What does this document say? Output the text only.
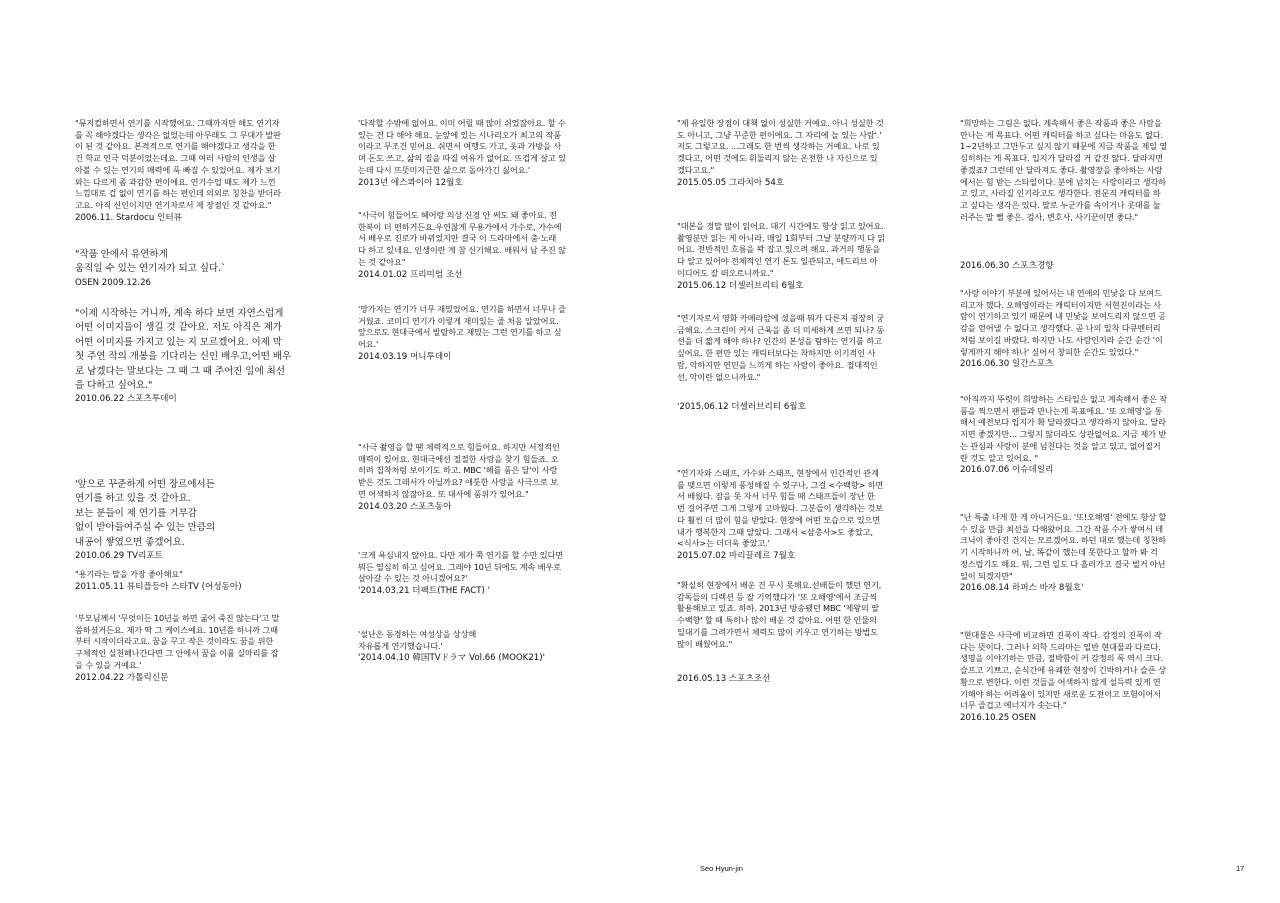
"뮤지컬하면서 연기를 시작했어요. 그때까지만 해도 연기자
를 꼭 해야겠다는 생각은 없었는데 아무래도 그 무대가 발판
이 된 것 같아요. 본격적으로 연기를 해야겠다고 생각을 한
건 학교 연극 덕분이었는데요. 그때 여러 사람의 인생을 살
아볼 수 있는 연기의 매력에 푹 빠질 수 있었어요. 제가 보기
와는 다르게 좀 과감한 편이에요. 연기수업 때도 제가 느낀
느낌대로 겁 없이 연기를 하는 편인데 의외로 칭찬을 받더라
고요. 아직 신인이지만 연기자로서 제 장점인 것 같아요."

2006.11. Stardocu 인터뷰

"작품 안에서 유연하게
움직일 수 있는 연기자가 되고 싶다.`

OSEN 2009.12.26

"이제 시작하는 거니까, 계속 하다 보면 자연스럽게
어떤 이미지들이 생길 것 같아요. 저도 아직은 제가
어떤 이미지를 가지고 있는 지 모르겠어요. 이제 막
첫 주연 작의 개봉을 기다리는 신인 배우고,어떤 배우
로 남겠다는 말보다는 그 때 그 때 주어진 일에 최선
을 다하고 싶어요."

2010.06.22 스포츠투데이

'앞으로 꾸준하게 어떤 장르에서든
연기를 하고 있을 것 같아요.
보는 분들이 제 연기를 거부감
없이 받아들여주실 수 있는 만큼의
내공이 쌓였으면 좋겠어요.

2010.06.29 TV리포트

"용기라는 말을 가장 좋아해요"

2011.05.11 뷰티플등아 스타TV (어성동아)

'부모님께서 '무엇이든 10년을 하면 굶어 죽진 않는다'고 말
씀하셨거든요. 제가 딱 그 케이스예요. 10년쯤 하니까 그때
부터 시작이더라고요. 꿈을 꾸고 작은 것이라도 꿈을 위한
구체적인 실천해나간다면 그 안에서 꿈을 이룰 실마리를 잡
을 수 있을 거예요.'

2012.04.22 가톨릭신문

'다작할 수밖에 없어요. 이미 어릴 때 많이 쉬었잖아요. 할 수
있는 건 다 해야 해요. 눈앞에 있는 시나리오가 최고의 작품
이라고 무조건 믿어요. 쉬면서 여행도 가고, 옷과 가방을 사
며 돈도 쓰고, 삶의 질을 따질 여유가 없어요. 뜨겁게 살고 있
는데 다시 뜨뜻미지근한 삶으로 돌아가긴 싫어요.'

2013년 에스콰이아 12월호

"사극이 힘들어도 헤어랑 의상 신경 안 써도 돼 좋아요. 전
한복이 더 편하거든요.우연찮게 무용가에서 가수로, 가수에
서 배우로 진로가 바뀌었지만 결국 이 드라마에서 춤·노래
다 하고 있네요. 인생이란 게 참 신기해요. 배워서 남 주진 않
는 것 같아요"

2014.01.02 프리미엄 조선

'망가지는 연기가 너무 재밌었어요. 연기를 하면서 너무나 즐
거웠죠. 코미디 연기가 이렇게 재미있는 줄 처음 알았어요.
앞으로도 현대극에서 발랄하고 재밌는 그런 연기를 하고 싶
어요.'

2014.03.19 머니투데이

"사극 촬영을 할 땐 체력적으로 힘들어요. 하지만 서정적인
매력이 있어요. 현대극에선 절절한 사랑을 찾기 힘들죠. 오
히려 집착처럼 보이기도 하고. MBC '해를 품은 달'이 사랑
받은 것도 그래서가 아닐까요? 애틋한 사랑을 사극으로 보
면 어색하지 않잖아요. 또 대사에 품위가 있어요."

2014.03.20 스포츠동아

'크게 욕심내지 않아요. 다만 제가 쭉 연기를 할 수만 있다면
뭐든 열심히 하고 싶어요. 그래야 10년 뒤에도 계속 배우로
살아갈 수 있는 것 아니겠어요?'

'2014.03.21 더팩트(THE FACT) '

'설난은 동경하는 여성상을 상상해
자유롭게 연기했습니다.'

'2014.04.10 韓国TVドラマ Vol.66 (MOOK21)'

"제 유일한 장점이 대책 없이 성실한 거예요. 아니 성실한 것
도 아니고, 그냥 꾸준한 편이에요. 그 자리에 늘 있는 사람'.'
저도 그렇고요. ...그래도 한 번씩 생각하는 거예요. 나로 있
겠다고, 어떤 것에도 휘둘리지 않는 온전한 나 자신으로 있
겠다고요."

2015.05.05 그라치아 54호

"대본을 정말 많이 읽어요. 대기 시간에도 항상 읽고 있어요.
촬영분만 읽는 게 아니라, 매일 1회부터 그날 분량까지 다 읽
어요. 전반적인 흐름을 꽉 잡고 있으려 해요. 과거의 행동을
다 알고 있어야 전체적인 연기 톤도 일관되고, 애드리브 아
이디어도 잘 떠오르니까요."

2015.06.12 더셀러브리티 6월호

"연기자로서 영화 카메라앞에 섰을때 뭐가 다른지 굉장히 궁
금해요. 스크린이 커서 근육을 좀 더 미세하게 쓰면 되나? 동
선을 더 짧게 해야 하나? 인간의 본성을 탐하는 연기를 하고
싶어요. 한 편만 있는 캐릭터보다는 착하지만 이기적인 사
람, 악하지만 연민을 느끼게 하는 사람이 좋아요. 절대적인
선, 악이란 없으니까요."

'2015.06.12 더셀러브리티 6월호

"연기자와 스태프, 가수와 스태프, 현장에서 인간적인 관계
를 맺으면 이렇게 풍성해질 수 있구나, 그걸 <수백향> 하면
서 배웠다. 잠을 못 자서 너무 힘들 때 스태프들이 장난 한
번 걸어주면 그게 그렇게 고마웠다. 그분들이 생각하는 것보
다 훨씬 더 많이 힘을 받았다. 현장에 어떤 모습으로 있으면
내가 행복한지 그때 알았다. 그래서 <삼총사>도 좋았고,
<식사>는 더더욱 좋았고.'

2015.07.02 마리끌레르 7월호

"확실히 현장에서 배운 건 무시 못해요.선배들이 했던 연기,
감독들의 디렉션 등 잘 기억했다가 '또 오해영'에서 조금씩
활용해보고 있죠. 하하. 2013년 방송됐던 MBC '제왕의 딸
수백향' 할 때 특히나 많이 배운 것 같아요. 어떤 한 인물의
일대기를 그려가면서 체력도 많이 키우고 연기하는 방법도
많이 배웠어요."

2016.05.13 스포츠조선

"희망하는 그림은 없다. 계속해서 좋은 작품과 좋은 사람을
만나는 게 목표다. 어떤 캐릭터를 하고 싶다는 마음도 없다.
1~2년하고 그만두고 싶지 않기 때문에 지금 작품을 제일 열
심히하는 게 목표다. 입지가 달라질 거 같진 않다. 달라지면
좋겠죠? 그런데 안 달라져도 좋다. 촬영장을 좋아하는 사람
에서는 힘 받는 스타일이다. 분에 넘치는 사랑이라고 생각하
고 있고, 사라질 인기라고도 생각한다. 전문직 캐릭터를 하
고 싶다는 생각은 있다. 말로 누군가를 속이거나 콧대를 눌
러주는 말 뻘 좋은. 검사, 변호사, 사기꾼이면 좋다."

2016.06.30 스포츠경향

"사랑 이야기 부분에 있어서는 내 연애의 민낯을 다 보여드
리고자 했다. 오해영이라는 캐릭터이지만 서현진이라는 사
람이 연기하고 있기 때문에 내 민낯을 보여드리지 않으면 공
감을 얻어낼 수 없다고 생각했다. 곧 나의 밀착 다큐멘터리
처럼 보이길 바랐다. 하지만 나도 사람인지라 순간 순간 '이
렇게까지 해야 하나' 싶어서 창피한 순간도 있었다."

2016.06.30 일간스포츠

"아직까지 뚜렷이 희망하는 스타일은 없고 계속해서 좋은 작
품을 찍으면서 팬들과 만나는게 목표에요. '또 오해영'을 통
해서 예전보다 입지가 확 달라졌다고 생각하지 않아요. 달라
지면 좋겠지만… 그렇지 않더라도 상관없어요. 지금 제가 받
는 관심과 사랑이 분에 넘친다는 것을 알고 있고, 없어질거
란 것도 알고 있어요. "

2016.07.06 이슈데일리

"난 특출 나게 한 게 아니거든요. '또!오해영' 전에도 항상 할
수 있을 만큼 최선을 다해왔어요. 그간 작품 수가 쌓여서 테
크닉이 좋아진 건지는 모르겠어요. 하던 대로 했는데 칭찬하
기 시작하니까 어, 날, 똑같이 했는데 못한다고 할까 봐 걱
정스럽기도 해요. 뭐, 그런 일도 다 흘러가고 결국 벌거 아닌
일이 되겠지만"

2016.08.14 하퍼스 바자 8월호'

"현대물은 사극에 비교하면 진폭이 작다. 감정의 진폭이 작
다는 뜻이다. 그러나 의학 드라마는 일반 현대물과 다르다.
생명을 이야기하는 만큼, 절박함이 커 감정의 폭 역시 크다.
슬프고 기쁘고, 순식간에 유쾌한 현장이 긴박하거나 슬픈 상
황으로 변한다. 이런 것들을 어색하지 않게 설득력 있게 연
기해야 하는 어려움이 있지만 새로운 도전이고 모험이어서
너무 즐겁고 에너지가 솟는다."

2016.10.25 OSEN

Seo Hyun-jin	17
